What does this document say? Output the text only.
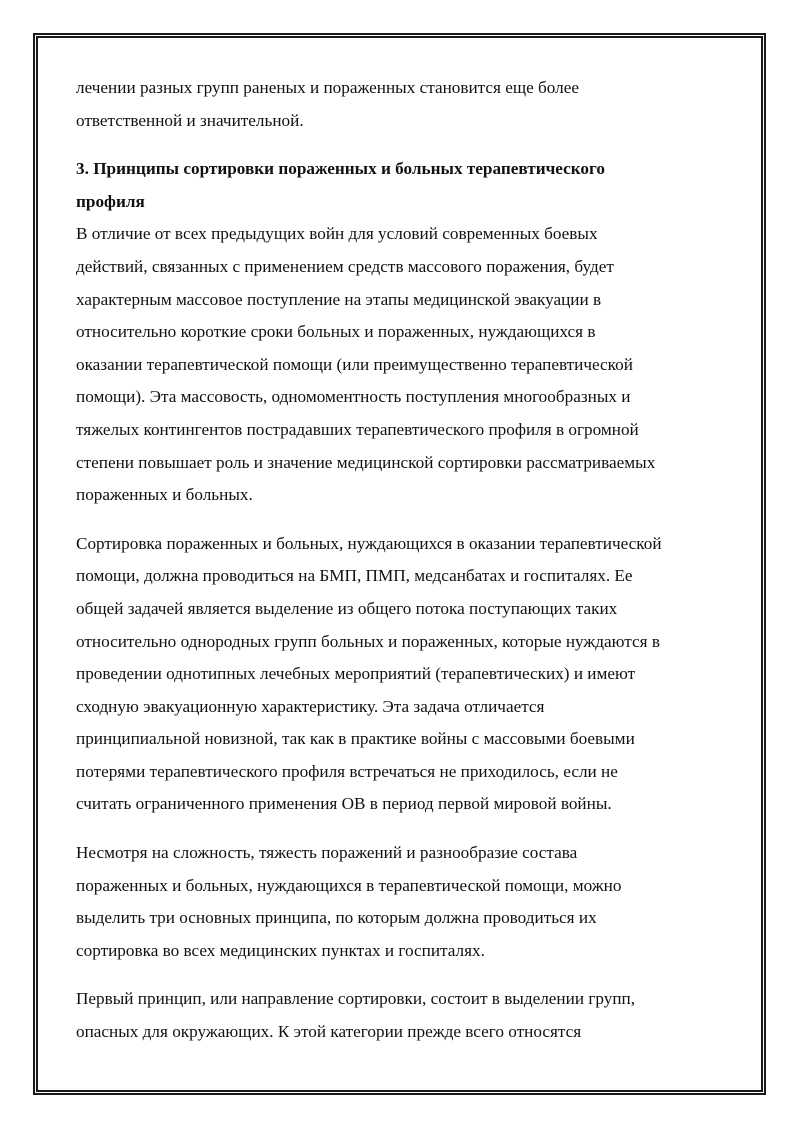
лечении разных групп раненых и пораженных становится еще более
ответственной и значительной.
3. Принципы сортировки пораженных и больных терапевтического
профиля
В отличие от всех предыдущих войн для условий современных боевых
действий, связанных с применением средств массового поражения, будет
характерным массовое поступление на этапы медицинской эвакуации в
относительно короткие сроки больных и пораженных, нуждающихся в
оказании терапевтической помощи (или преимущественно терапевтической
помощи). Эта массовость, одномоментность поступления многообразных и
тяжелых контингентов пострадавших терапевтического профиля в огромной
степени повышает роль и значение медицинской сортировки рассматриваемых
пораженных и больных.
Сортировка пораженных и больных, нуждающихся в оказании терапевтической
помощи, должна проводиться на БМП, ПМП, медсанбатах и госпиталях. Ее
общей задачей является выделение из общего потока поступающих таких
относительно однородных групп больных и пораженных, которые нуждаются в
проведении однотипных лечебных мероприятий (терапевтических) и имеют
сходную эвакуационную характеристику. Эта задача отличается
принципиальной новизной, так как в практике войны с массовыми боевыми
потерями терапевтического профиля встречаться не приходилось, если не
считать ограниченного применения ОВ в период первой мировой войны.
Несмотря на сложность, тяжесть поражений и разнообразие состава
пораженных и больных, нуждающихся в терапевтической помощи, можно
выделить три основных принципа, по которым должна проводиться их
сортировка во всех медицинских пунктах и госпиталях.
Первый принцип, или направление сортировки, состоит в выделении групп,
опасных для окружающих. К этой категории прежде всего относятся
